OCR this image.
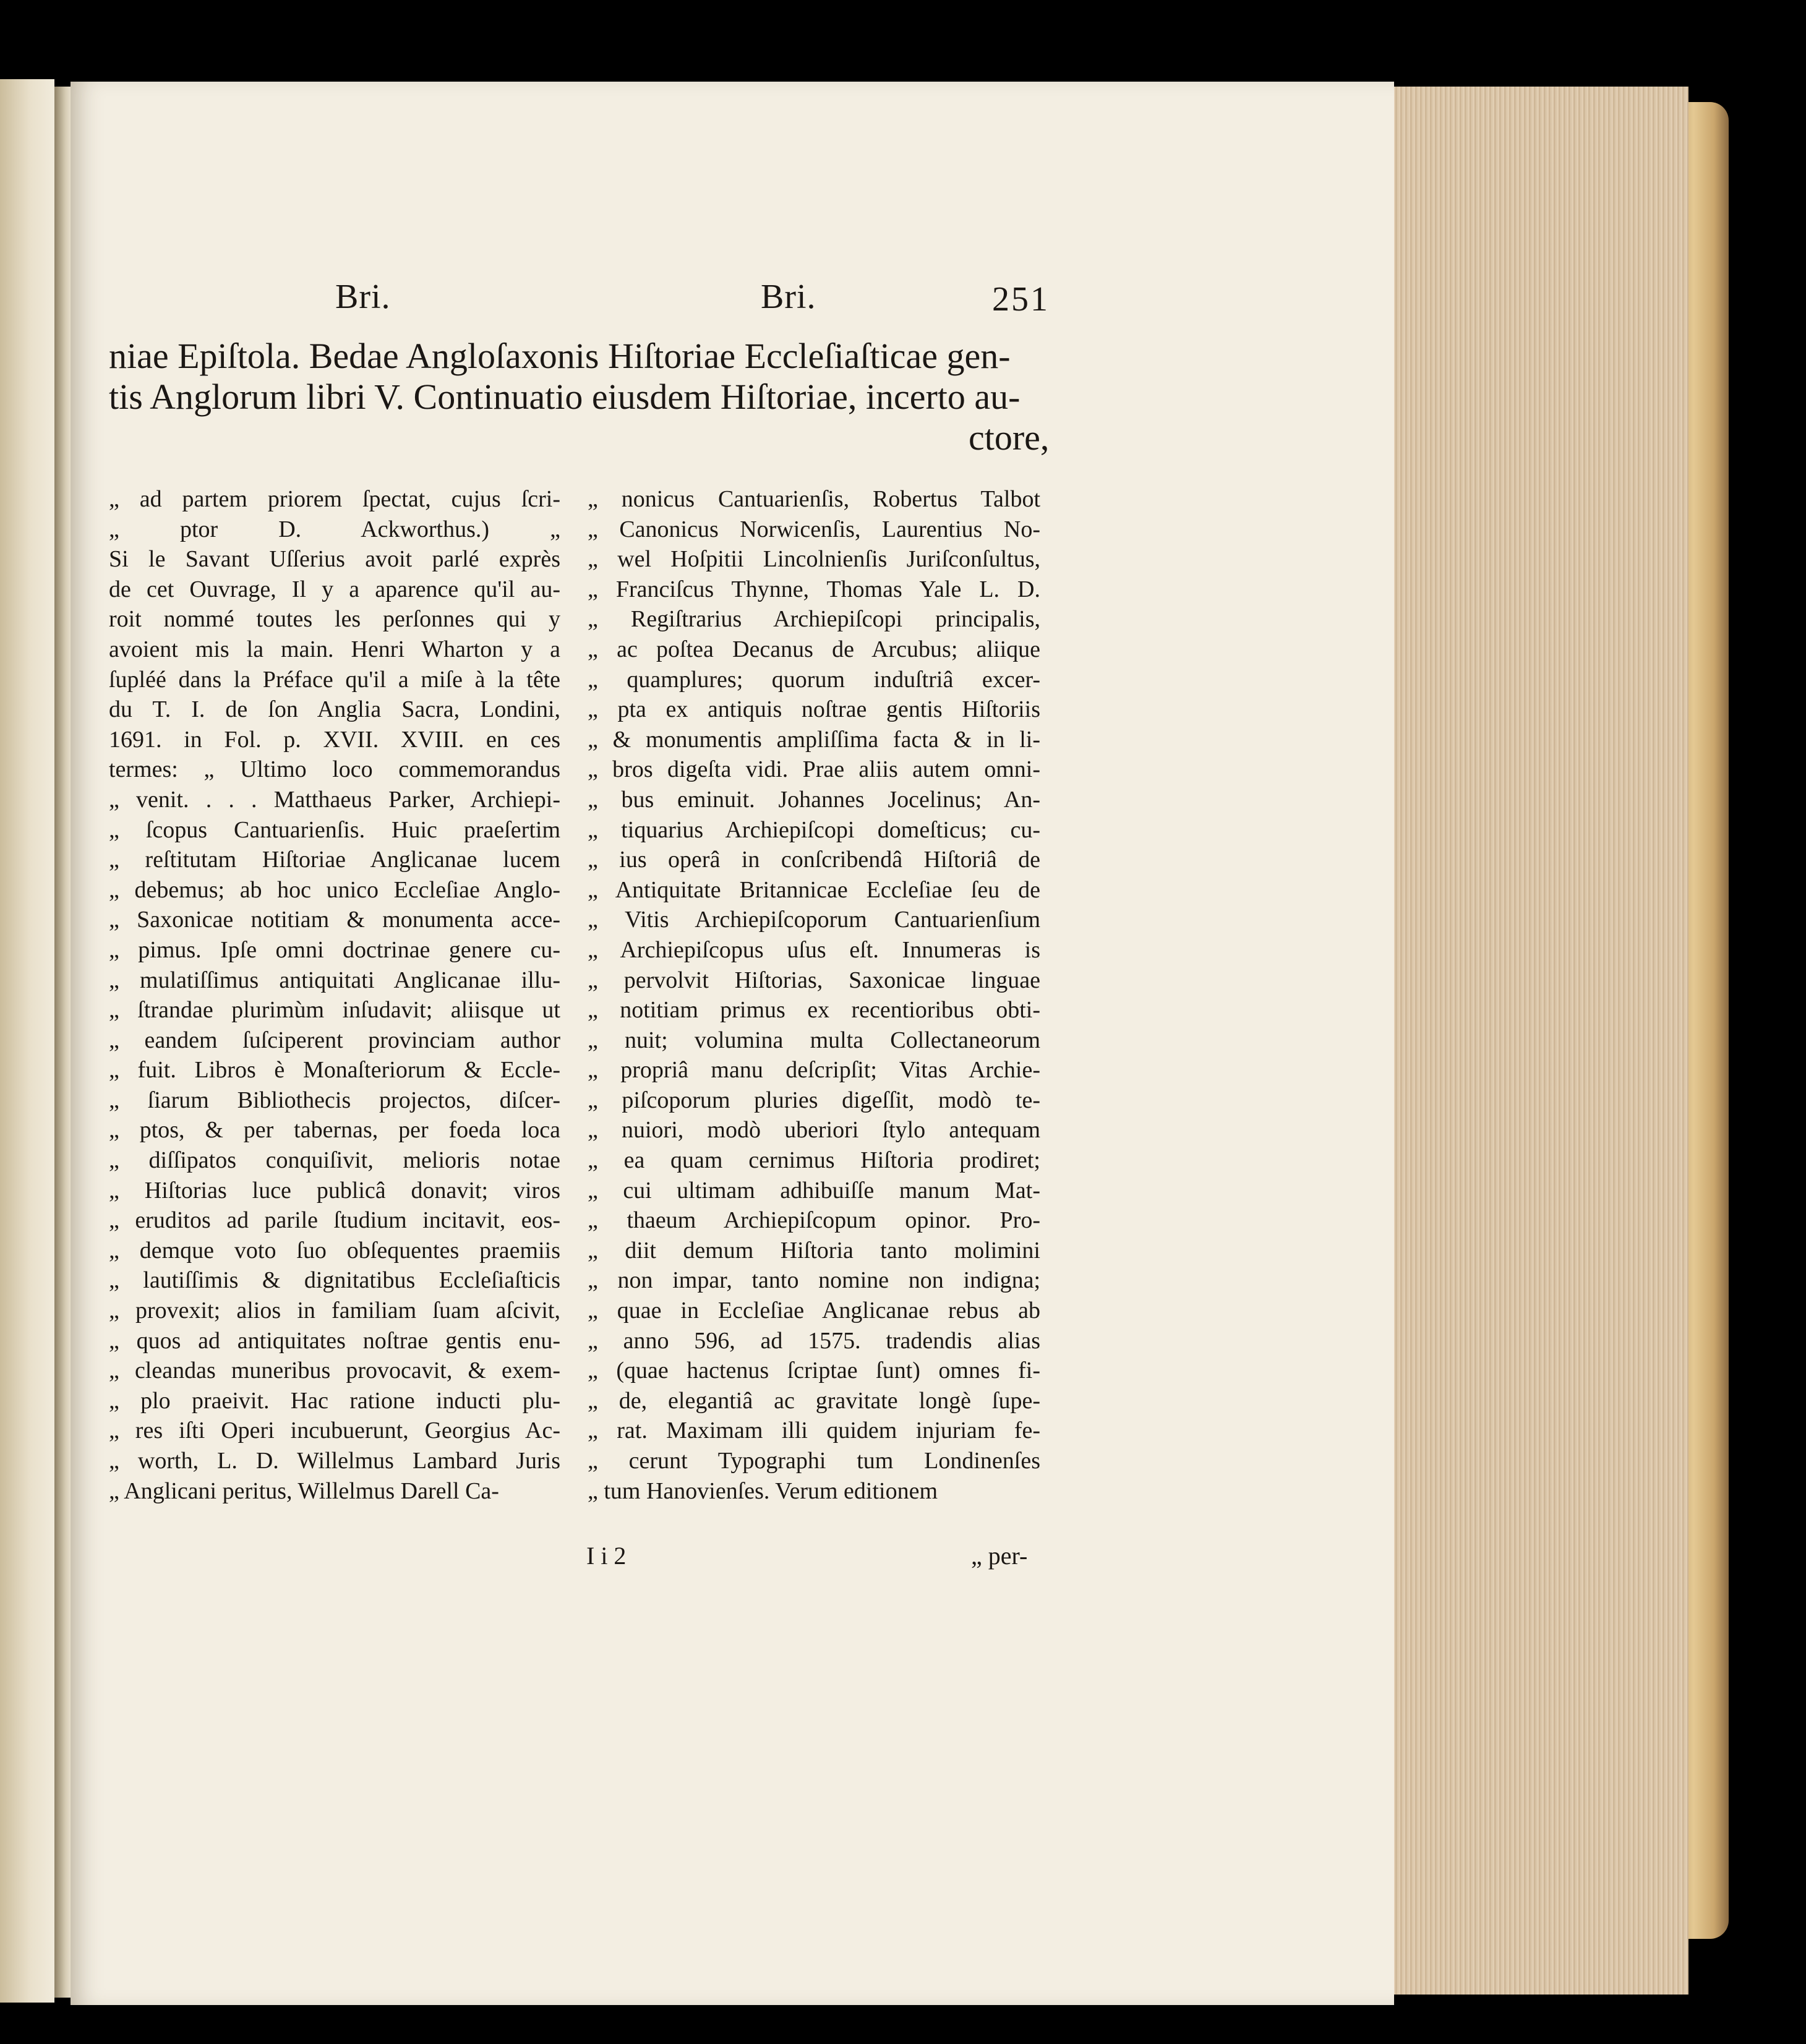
Bri.	Bri.	251
niae Epiſtola. Bedae Angloſaxonis Hiſtoriae Eccleſiaſticae gen-
tis Anglorum libri V. Continuatio eiusdem Hiſtoriae, incerto au-
ctore,
„ ad partem priorem ſpectat, cujus ſcri-
„ ptor D. Ackworthus.) „
Si le Savant Uſſerius avoit parlé exprès
de cet Ouvrage, Il y a aparence qu'il au-
roit nommé toutes les perſonnes qui y
avoient mis la main. Henri Wharton y a
ſupléé dans la Préface qu'il a miſe à la tête
du T. I. de ſon Anglia Sacra, Londini,
1691. in Fol. p. XVII. XVIII. en ces
termes: „ Ultimo loco commemorandus
„ venit. . . . Matthaeus Parker, Archiepi-
„ ſcopus Cantuarienſis. Huic praeſertim
„ reſtitutam Hiſtoriae Anglicanae lucem
„ debemus; ab hoc unico Eccleſiae Anglo-
„ Saxonicae notitiam & monumenta acce-
„ pimus. Ipſe omni doctrinae genere cu-
„ mulatiſſimus antiquitati Anglicanae illu-
„ ſtrandae plurimùm inſudavit; aliisque ut
„ eandem ſuſciperent provinciam author
„ fuit. Libros è Monaſteriorum & Eccle-
„ ſiarum Bibliothecis projectos, diſcer-
„ ptos, & per tabernas, per foeda loca
„ diſſipatos conquiſivit, melioris notae
„ Hiſtorias luce publicâ donavit; viros
„ eruditos ad parile ſtudium incitavit, eos-
„ demque voto ſuo obſequentes praemiis
„ lautiſſimis & dignitatibus Eccleſiaſticis
„ provexit; alios in familiam ſuam aſcivit,
„ quos ad antiquitates noſtrae gentis enu-
„ cleandas muneribus provocavit, & exem-
„ plo praeivit. Hac ratione inducti plu-
„ res iſti Operi incubuerunt, Georgius Ac-
„ worth, L. D. Willelmus Lambard Juris
„ Anglicani peritus, Willelmus Darell Ca-
„ nonicus Cantuarienſis, Robertus Talbot
„ Canonicus Norwicenſis, Laurentius No-
„ wel Hoſpitii Lincolnienſis Juriſconſultus,
„ Franciſcus Thynne, Thomas Yale L. D.
„ Regiſtrarius Archiepiſcopi principalis,
„ ac poſtea Decanus de Arcubus; aliique
„ quamplures; quorum induſtriâ excer-
„ pta ex antiquis noſtrae gentis Hiſtoriis
„ & monumentis ampliſſima facta & in li-
„ bros digeſta vidi. Prae aliis autem omni-
„ bus eminuit. Johannes Jocelinus; An-
„ tiquarius Archiepiſcopi domeſticus; cu-
„ ius operâ in conſcribendâ Hiſtoriâ de
„ Antiquitate Britannicae Eccleſiae ſeu de
„ Vitis Archiepiſcoporum Cantuarienſium
„ Archiepiſcopus uſus eſt. Innumeras is
„ pervolvit Hiſtorias, Saxonicae linguae
„ notitiam primus ex recentioribus obti-
„ nuit; volumina multa Collectaneorum
„ propriâ manu deſcripſit; Vitas Archie-
„ piſcoporum pluries digeſſit, modò te-
„ nuiori, modò uberiori ſtylo antequam
„ ea quam cernimus Hiſtoria prodiret;
„ cui ultimam adhibuiſſe manum Mat-
„ thaeum Archiepiſcopum opinor. Pro-
„ diit demum Hiſtoria tanto molimini
„ non impar, tanto nomine non indigna;
„ quae in Eccleſiae Anglicanae rebus ab
„ anno 596, ad 1575. tradendis alias
„ (quae hactenus ſcriptae ſunt) omnes fi-
„ de, elegantiâ ac gravitate longè ſupe-
„ rat. Maximam illi quidem injuriam fe-
„ cerunt Typographi tum Londinenſes
„ tum Hanovienſes. Verum editionem
I i 2	„ per-
